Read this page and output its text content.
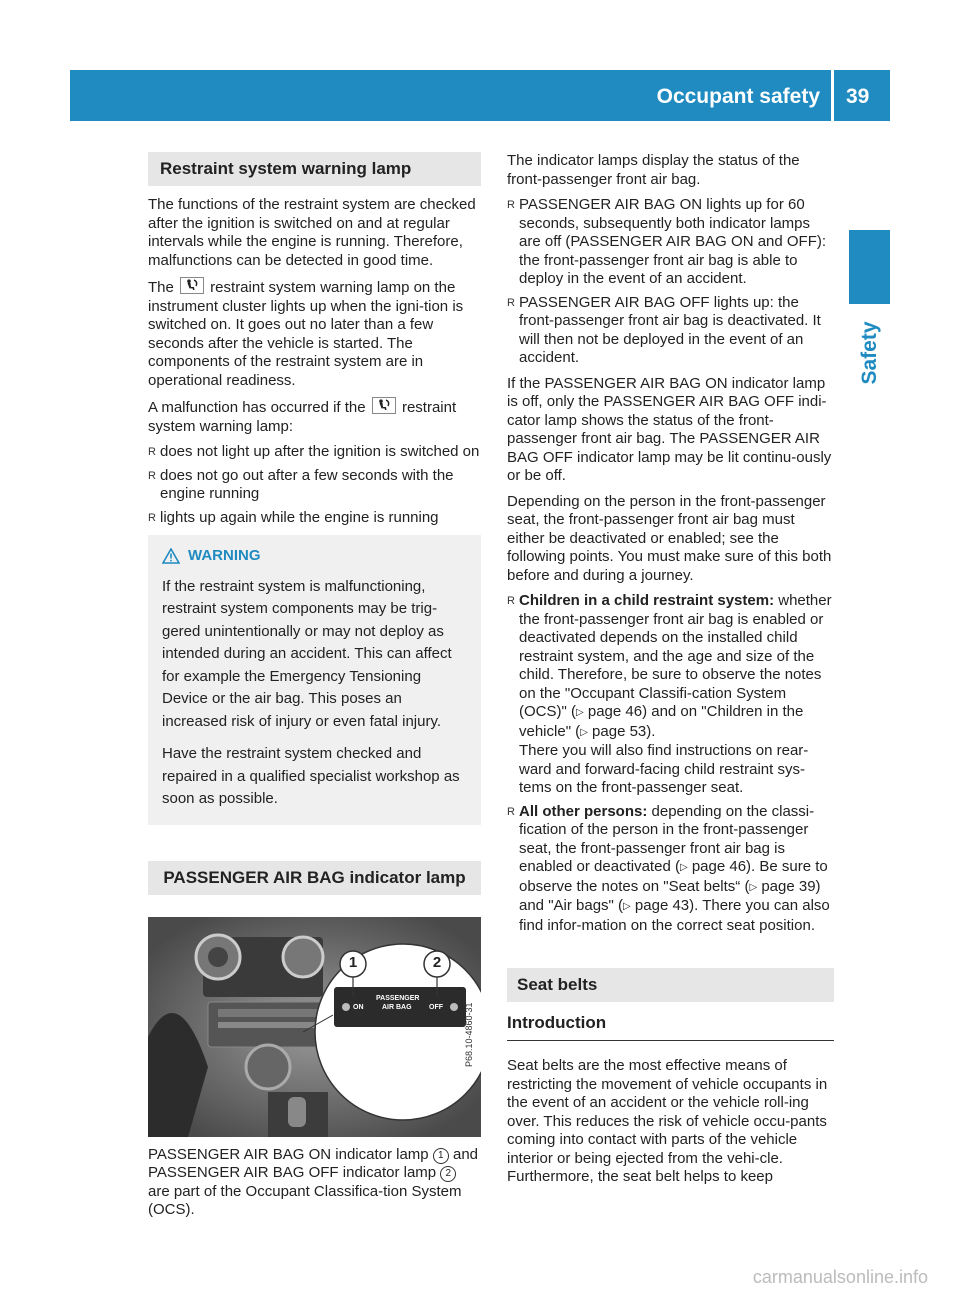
Occupant safety 39
Safety
Restraint system warning lamp

The functions of the restraint system are checked after the ignition is switched on and at regular intervals while the engine is running. Therefore, malfunctions can be detected in good time.

The
restraint system warning lamp on the instrument cluster lights up when the igni-tion is switched on. It goes out no later than a few seconds after the vehicle is started. The components of the restraint system are in operational readiness.

A malfunction has occurred if the
restraint system warning lamp:

R does not light up after the ignition is switched on
R does not go out after a few seconds with the engine running
R lights up again while the engine is running
WARNING

If the restraint system is malfunctioning, restraint system components may be trig-gered unintentionally or may not deploy as intended during an accident. This can affect for example the Emergency Tensioning Device or the air bag. This poses an increased risk of injury or even fatal injury.

Have the restraint system checked and repaired in a qualified specialist workshop as soon as possible.

PASSENGER AIR BAG indicator lamp
1	2
PASSENGER
AIR BAG
ON	OFF	P68.10-4860-31

PASSENGER AIR BAG ON indicator lamp 1 and PASSENGER AIR BAG OFF indicator lamp 2 are part of the Occupant Classifica-tion System (OCS).

The indicator lamps display the status of the front-passenger front air bag.

R PASSENGER AIR BAG ON lights up for 60 seconds, subsequently both indicator lamps are off (PASSENGER AIR BAG ON and OFF): the front-passenger front air bag is able to deploy in the event of an accident.
R PASSENGER AIR BAG OFF lights up: the front-passenger front air bag is deactivated. It will then not be deployed in the event of an accident.

If the PASSENGER AIR BAG ON indicator lamp is off, only the PASSENGER AIR BAG OFF indi-cator lamp shows the status of the front-passenger front air bag. The PASSENGER AIR BAG OFF indicator lamp may be lit continu-ously or be off.

Depending on the person in the front-passenger seat, the front-passenger front air bag must either be deactivated or enabled; see the following points. You must make sure of this both before and during a journey.

R Children in a child restraint system: whether the front-passenger front air bag is enabled or deactivated depends on the installed child restraint system, and the age and size of the child. Therefore, be sure to observe the notes on the "Occupant Classifi-cation System (OCS)" (▷ page 46) and on "Children in the vehicle" (▷ page 53).
There you will also find instructions on rear-ward and forward-facing child restraint sys-tems on the front-passenger seat.
R All other persons: depending on the classi-fication of the person in the front-passenger seat, the front-passenger front air bag is enabled or deactivated (▷ page 46). Be sure to observe the notes on "Seat belts“ (▷ page 39) and "Air bags" (▷ page 43). There you can also find infor-mation on the correct seat position.
Seat belts
Introduction

Seat belts are the most effective means of restricting the movement of vehicle occupants in the event of an accident or the vehicle roll-ing over. This reduces the risk of vehicle occu-pants coming into contact with parts of the vehicle interior or being ejected from the vehi-cle. Furthermore, the seat belt helps to keep

carmanualsonline.info
